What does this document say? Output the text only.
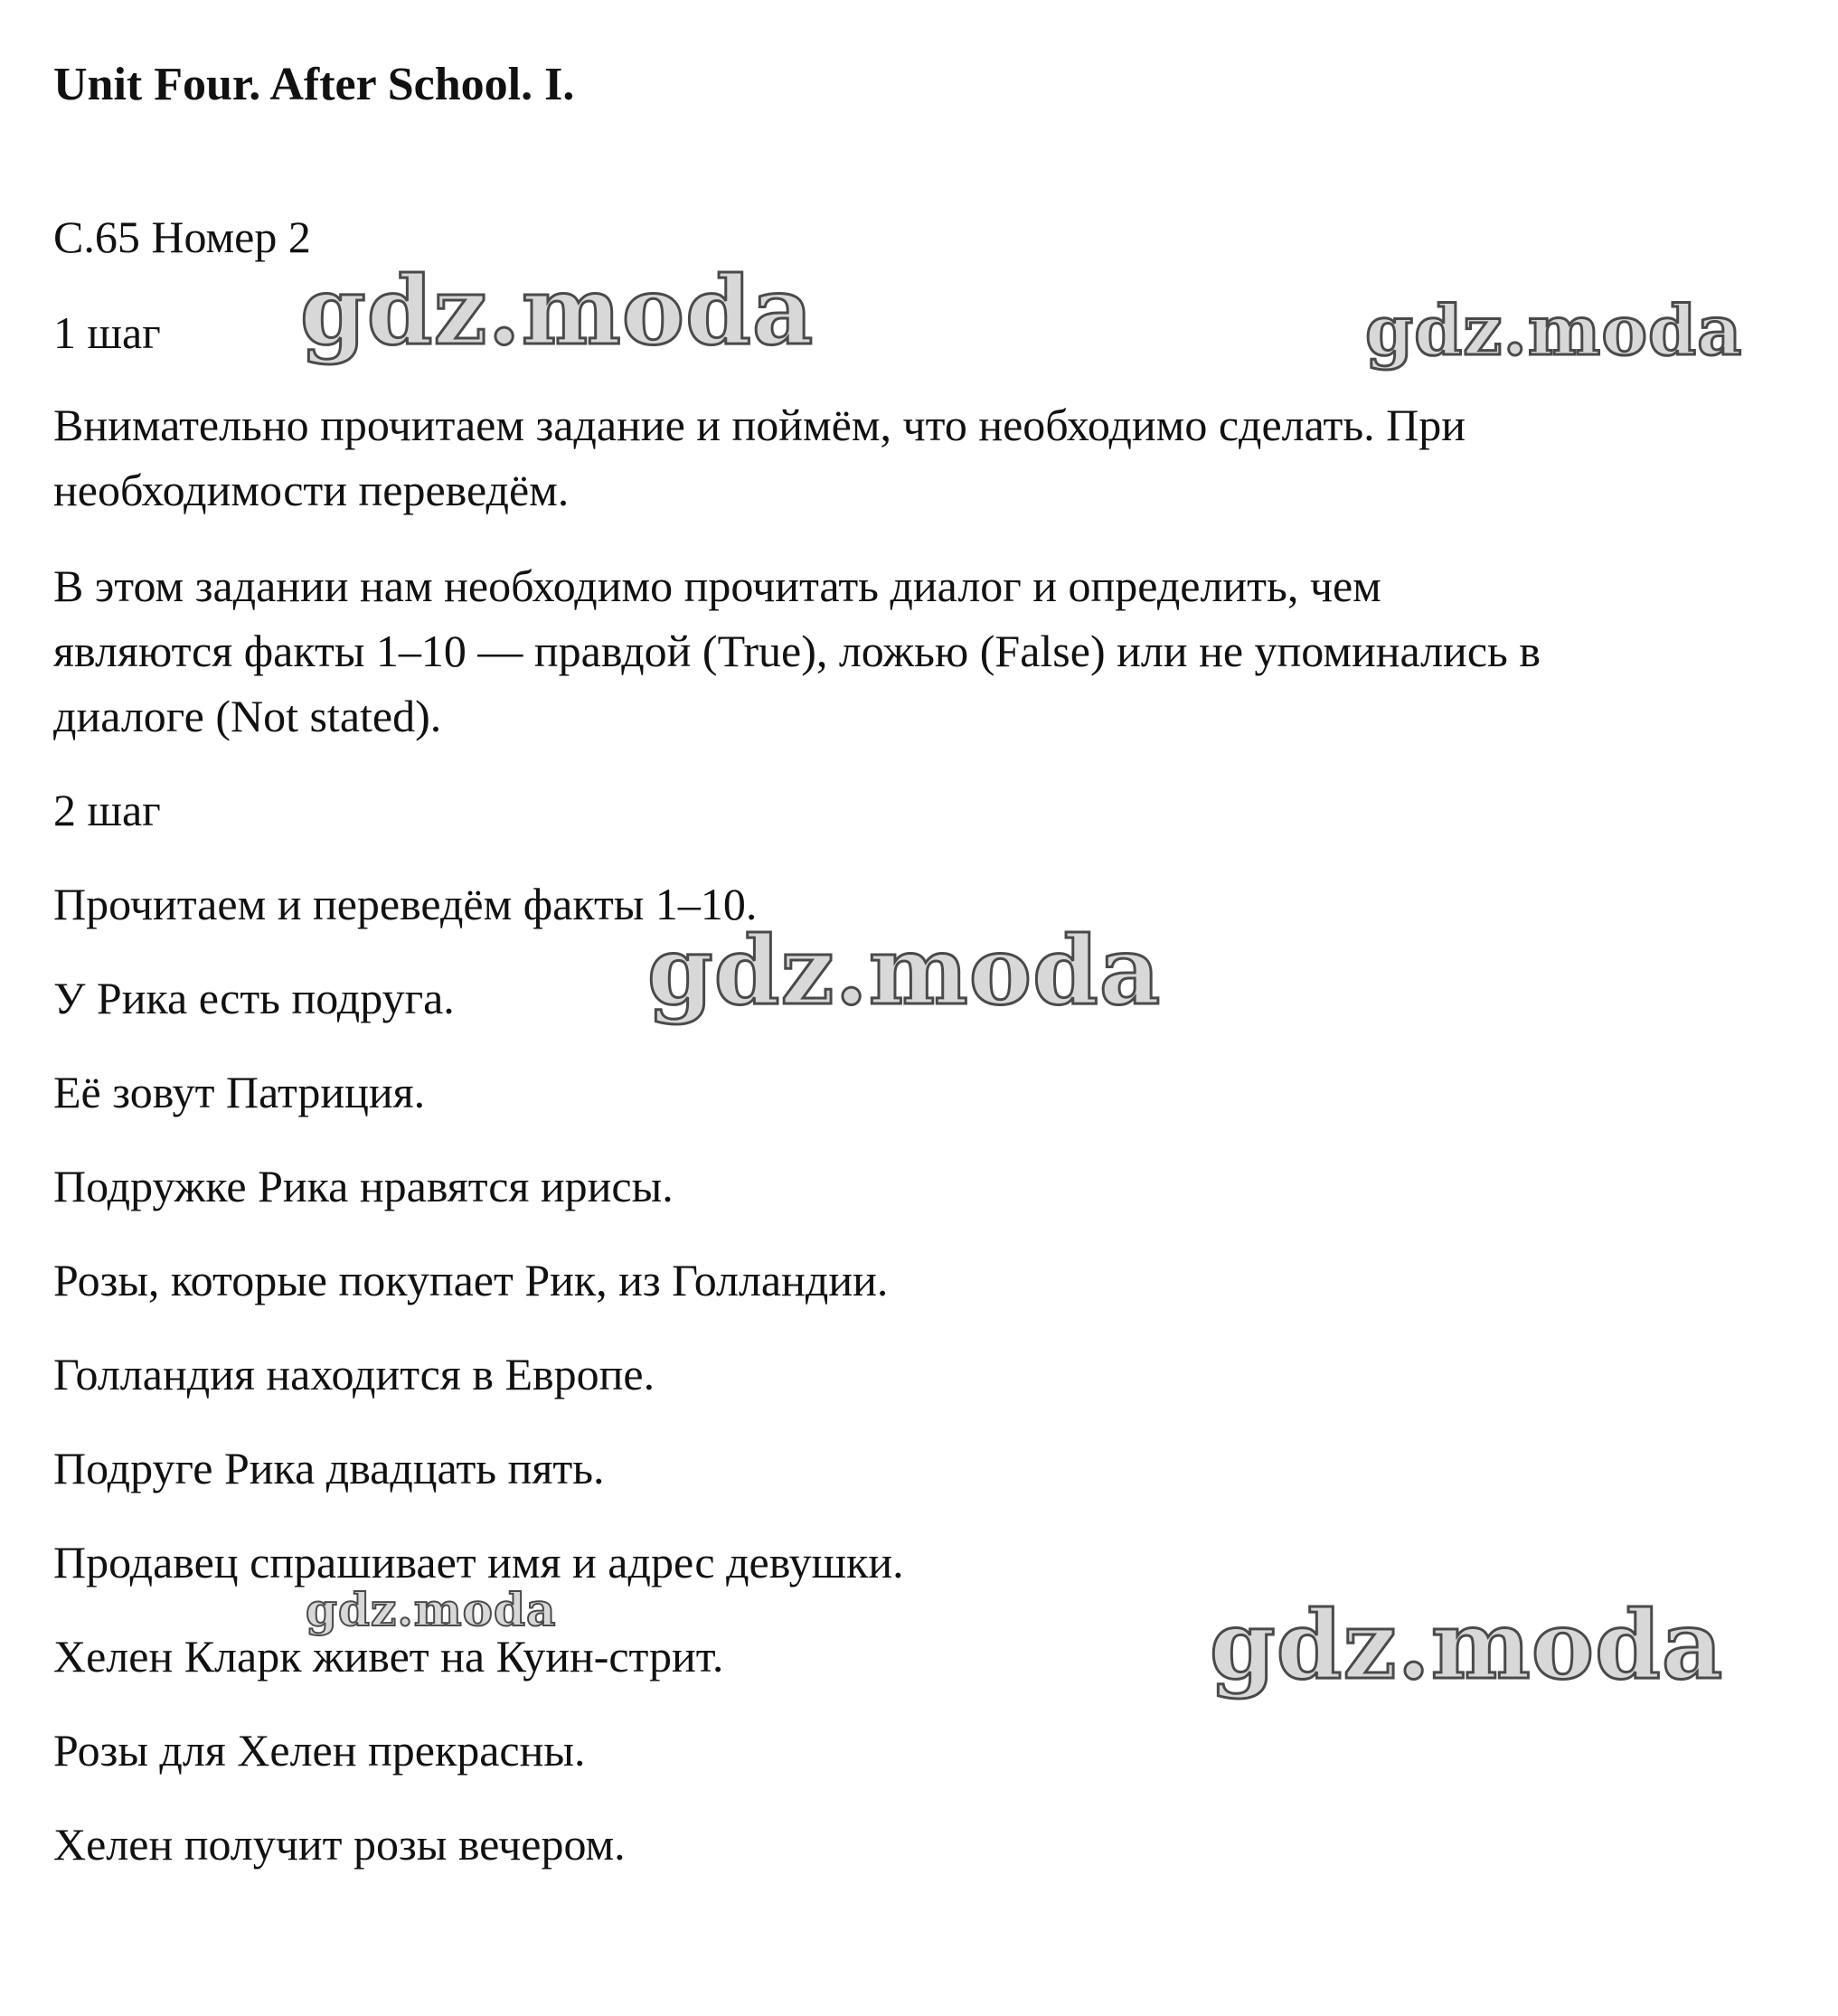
Unit Four. After School. I.

С.65 Номер 2

1 шаг

Внимательно прочитаем задание и поймём, что необходимо сделать. При

необходимости переведём.

В этом задании нам необходимо прочитать диалог и определить, чем

являются факты 1–10 — правдой (True), ложью (False) или не упоминались в

диалоге (Not stated).

2 шаг

Прочитаем и переведём факты 1–10.

У Рика есть подруга.

Её зовут Патриция.

Подружке Рика нравятся ирисы.

Розы, которые покупает Рик, из Голландии.

Голландия находится в Европе.

Подруге Рика двадцать пять.

Продавец спрашивает имя и адрес девушки.

Хелен Кларк живет на Куин-стрит.

Розы для Хелен прекрасны.

Хелен получит розы вечером.

gdz.moda	gdz.moda
gdz.moda
gdz.moda	gdz.moda
